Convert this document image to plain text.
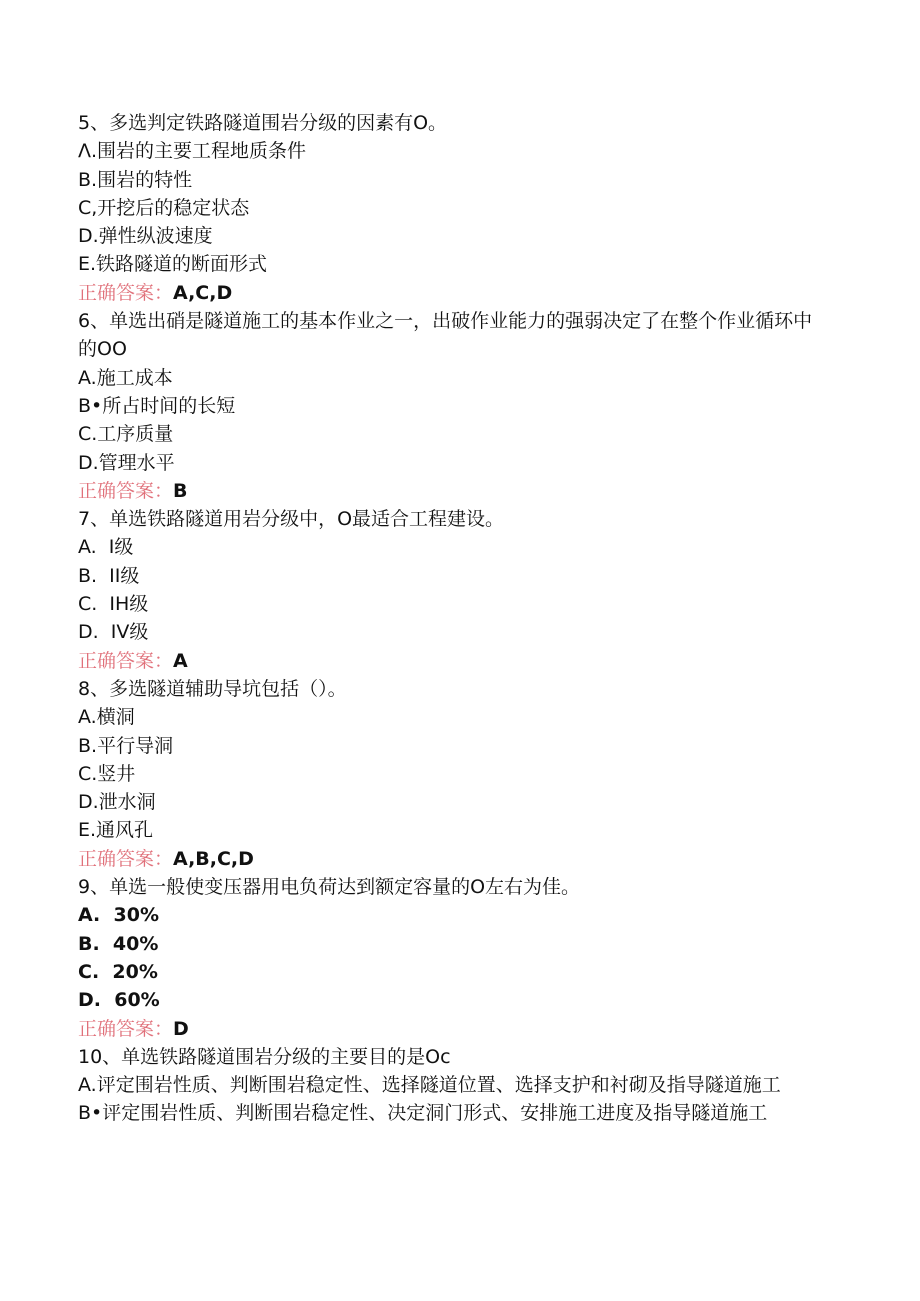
5、多选判定铁路隧道围岩分级的因素有O。

Λ.围岩的主要工程地质条件

B.围岩的特性

C,开挖后的稳定状态

D.弹性纵波速度

E.铁路隧道的断面形式

正确答案：A,C,D

6、单选出硝是隧道施工的基本作业之一，出破作业能力的强弱决定了在整个作业循环中的OO

A.施工成本

B•所占时间的长短

C.工序质量

D.管理水平

正确答案：B

7、单选铁路隧道用岩分级中，O最适合工程建设。

A.  I级

B.  II级

C.  IH级

D.  IV级

正确答案：A

8、多选隧道辅助导坑包括（）。

A.横洞

B.平行导洞

C.竖井

D.泄水洞

E.通风孔

正确答案：A,B,C,D

9、单选一般使变压器用电负荷达到额定容量的O左右为佳。

A.  30%

B.  40%

C.  20%

D.  60%

正确答案：D

10、单选铁路隧道围岩分级的主要目的是Oc

A.评定围岩性质、判断围岩稳定性、选择隧道位置、选择支护和衬砌及指导隧道施工

B•评定围岩性质、判断围岩稳定性、决定洞门形式、安排施工进度及指导隧道施工
